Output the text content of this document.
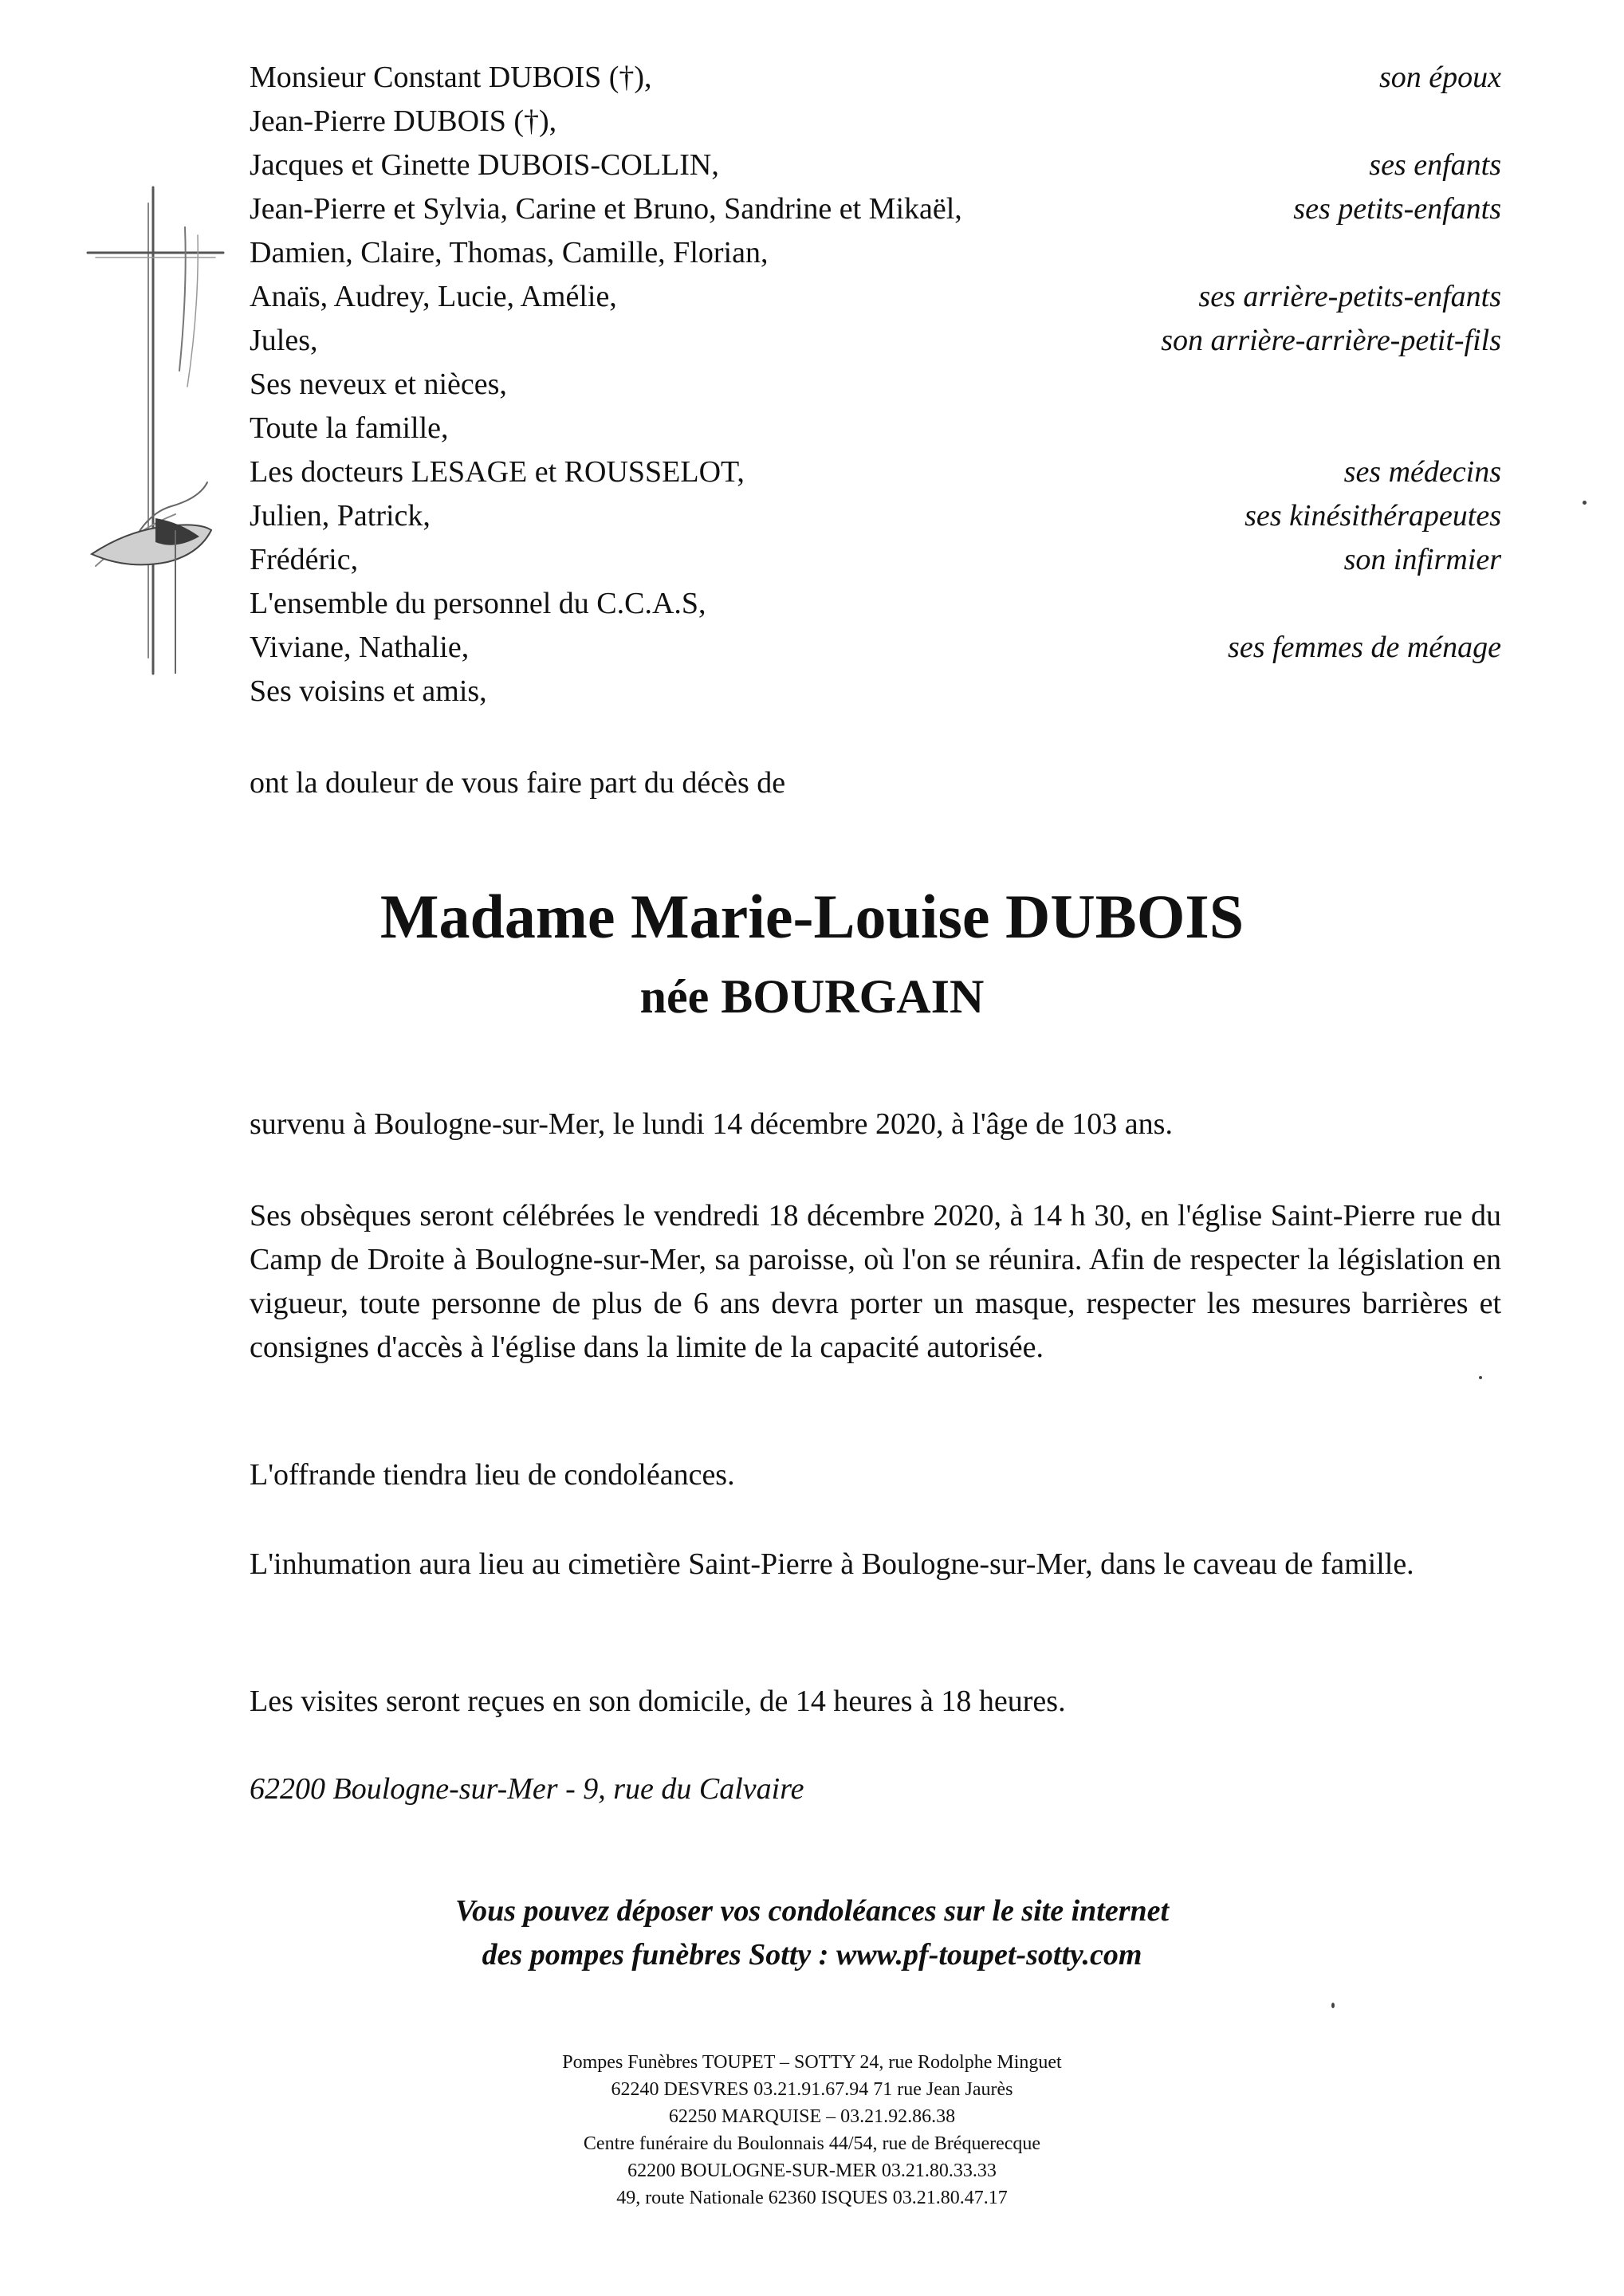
Monsieur Constant DUBOIS (†),	son époux
Jean-Pierre DUBOIS (†),
Jacques et Ginette DUBOIS-COLLIN,	ses enfants
Jean-Pierre et Sylvia, Carine et Bruno, Sandrine et Mikaël,	ses petits-enfants
Damien, Claire, Thomas, Camille, Florian,
Anaïs, Audrey, Lucie, Amélie,	ses arrière-petits-enfants
Jules,	son arrière-arrière-petit-fils
Ses neveux et nièces,
Toute la famille,
Les docteurs LESAGE et ROUSSELOT,	ses médecins
Julien, Patrick,	ses kinésithérapeutes
Frédéric,	son infirmier
L'ensemble du personnel du C.C.A.S,
Viviane, Nathalie,	ses femmes de ménage
Ses voisins et amis,
ont la douleur de vous faire part du décès de
Madame Marie-Louise DUBOIS
née BOURGAIN
survenu à Boulogne-sur-Mer, le lundi 14 décembre 2020, à l'âge de 103 ans.
Ses obsèques seront célébrées le vendredi 18 décembre 2020, à 14 h 30, en l'église Saint-Pierre rue du Camp de Droite à Boulogne-sur-Mer, sa paroisse, où l'on se réunira. Afin de respecter la législation en vigueur, toute personne de plus de 6 ans devra porter un masque, respecter les mesures barrières et consignes d'accès à l'église dans la limite de la capacité autorisée.
L'offrande tiendra lieu de condoléances.
L'inhumation aura lieu au cimetière Saint-Pierre à Boulogne-sur-Mer, dans le caveau de famille.
Les visites seront reçues en son domicile, de 14 heures à 18 heures.
62200 Boulogne-sur-Mer - 9, rue du Calvaire
Vous pouvez déposer vos condoléances sur le site internet
des pompes funèbres Sotty : www.pf-toupet-sotty.com
Pompes Funèbres TOUPET – SOTTY 24, rue Rodolphe Minguet
62240 DESVRES 03.21.91.67.94 71 rue Jean Jaurès
62250 MARQUISE – 03.21.92.86.38
Centre funéraire du Boulonnais 44/54, rue de Bréquerecque
62200 BOULOGNE-SUR-MER 03.21.80.33.33
49, route Nationale 62360 ISQUES 03.21.80.47.17
